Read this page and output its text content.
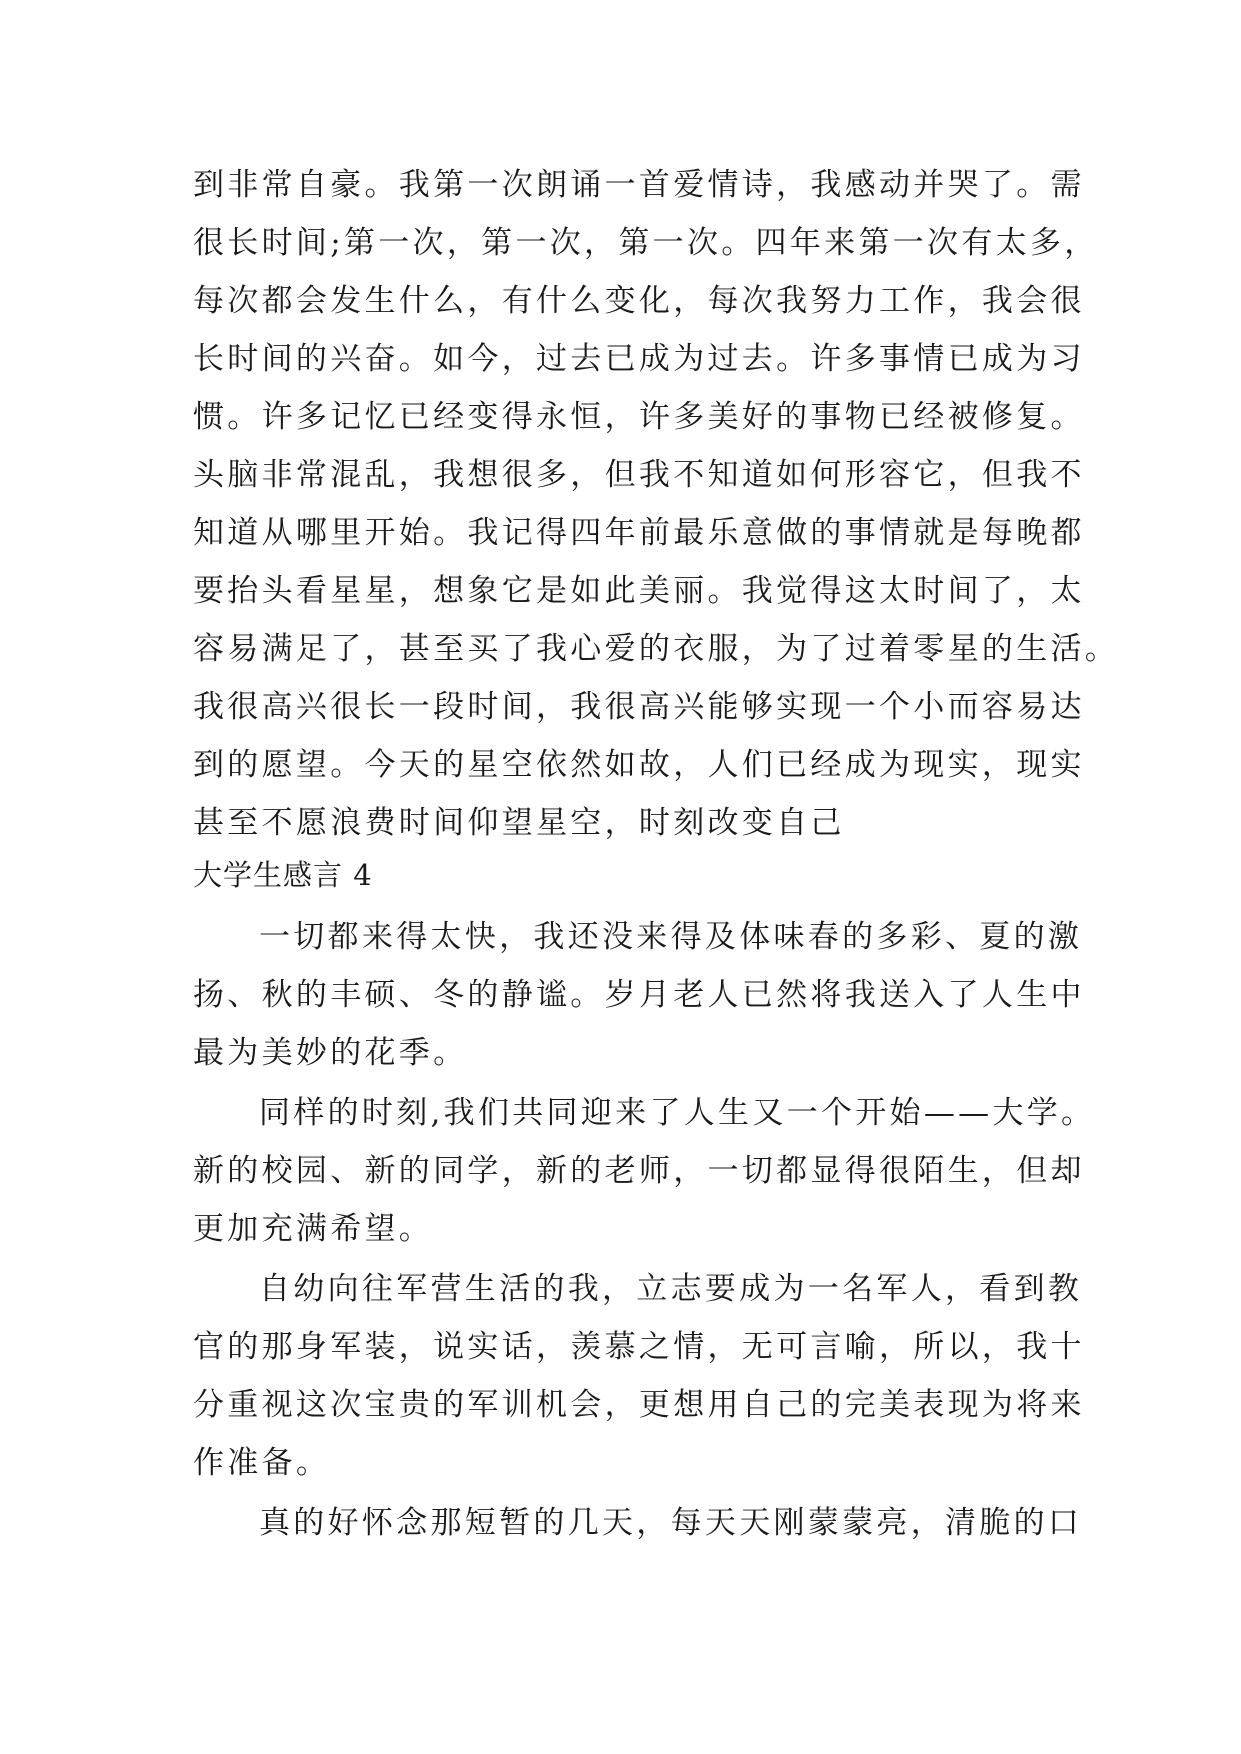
到非常自豪。我第一次朗诵一首爱情诗，我感动并哭了。需
很长时间;第一次，第一次，第一次。四年来第一次有太多，
每次都会发生什么，有什么变化，每次我努力工作，我会很
长时间的兴奋。如今，过去已成为过去。许多事情已成为习
惯。许多记忆已经变得永恒，许多美好的事物已经被修复。
头脑非常混乱，我想很多，但我不知道如何形容它，但我不
知道从哪里开始。我记得四年前最乐意做的事情就是每晚都
要抬头看星星，想象它是如此美丽。我觉得这太时间了，太
容易满足了，甚至买了我心爱的衣服，为了过着零星的生活。
我很高兴很长一段时间，我很高兴能够实现一个小而容易达
到的愿望。今天的星空依然如故，人们已经成为现实，现实
甚至不愿浪费时间仰望星空，时刻改变自己
大学生感言 4
一切都来得太快，我还没来得及体味春的多彩、夏的激
扬、秋的丰硕、冬的静谧。岁月老人已然将我送入了人生中
最为美妙的花季。
同样的时刻,我们共同迎来了人生又一个开始——大学。
新的校园、新的同学，新的老师，一切都显得很陌生，但却
更加充满希望。
自幼向往军营生活的我，立志要成为一名军人，看到教
官的那身军装，说实话，羡慕之情，无可言喻，所以，我十
分重视这次宝贵的军训机会，更想用自己的完美表现为将来
作准备。
真的好怀念那短暂的几天，每天天刚蒙蒙亮，清脆的口
